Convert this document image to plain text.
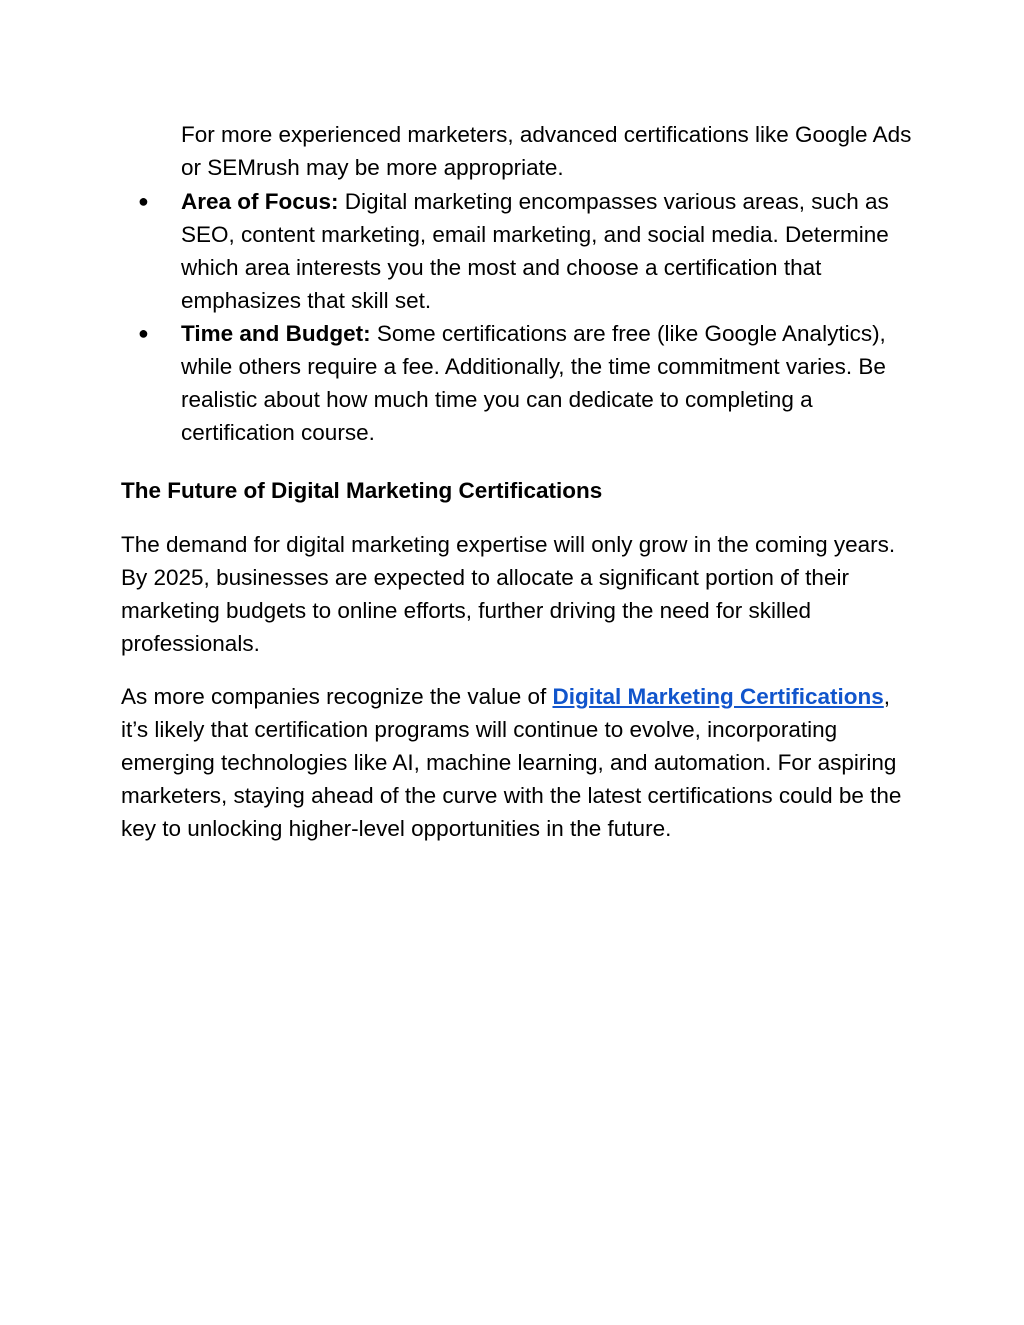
For more experienced marketers, advanced certifications like Google Ads or SEMrush may be more appropriate.
● Area of Focus: Digital marketing encompasses various areas, such as SEO, content marketing, email marketing, and social media. Determine which area interests you the most and choose a certification that emphasizes that skill set.
● Time and Budget: Some certifications are free (like Google Analytics), while others require a fee. Additionally, the time commitment varies. Be realistic about how much time you can dedicate to completing a certification course.
The Future of Digital Marketing Certifications

The demand for digital marketing expertise will only grow in the coming years. By 2025, businesses are expected to allocate a significant portion of their marketing budgets to online efforts, further driving the need for skilled professionals.

As more companies recognize the value of Digital Marketing Certifications, it’s likely that certification programs will continue to evolve, incorporating emerging technologies like AI, machine learning, and automation. For aspiring marketers, staying ahead of the curve with the latest certifications could be the key to unlocking higher-level opportunities in the future.
